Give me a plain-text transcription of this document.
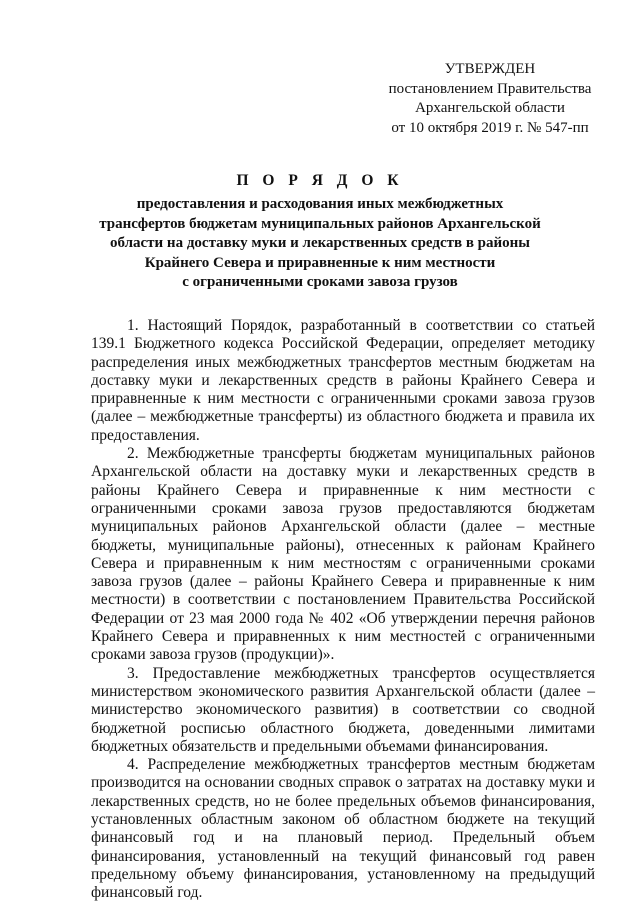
УТВЕРЖДЕН
постановлением Правительства
Архангельской области
от 10 октября 2019 г. № 547-пп
П О Р Я Д О К
предоставления и расходования иных межбюджетных
трансфертов бюджетам муниципальных районов Архангельской
области на доставку муки и лекарственных средств в районы
Крайнего Севера и приравненные к ним местности
с ограниченными сроками завоза грузов

1. Настоящий Порядок, разработанный в соответствии со статьей 139.1 Бюджетного кодекса Российской Федерации, определяет методику распределения иных межбюджетных трансфертов местным бюджетам на доставку муки и лекарственных средств в районы Крайнего Севера и приравненные к ним местности с ограниченными сроками завоза грузов (далее – межбюджетные трансферты) из областного бюджета и правила их предоставления.

2. Межбюджетные трансферты бюджетам муниципальных районов Архангельской области на доставку муки и лекарственных средств в районы Крайнего Севера и приравненные к ним местности с ограниченными сроками завоза грузов предоставляются бюджетам муниципальных районов Архангельской области (далее – местные бюджеты, муниципальные районы), отнесенных к районам Крайнего Севера и приравненным к ним местностям с ограниченными сроками завоза грузов (далее – районы Крайнего Севера и приравненные к ним местности) в соответствии с постановлением Правительства Российской Федерации от 23 мая 2000 года № 402 «Об утверждении перечня районов Крайнего Севера и приравненных к ним местностей с ограниченными сроками завоза грузов (продукции)».

3. Предоставление межбюджетных трансфертов осуществляется министерством экономического развития Архангельской области (далее – министерство экономического развития) в соответствии со сводной бюджетной росписью областного бюджета, доведенными лимитами бюджетных обязательств и предельными объемами финансирования.

4. Распределение межбюджетных трансфертов местным бюджетам производится на основании сводных справок о затратах на доставку муки и лекарственных средств, но не более предельных объемов финансирования, установленных областным законом об областном бюджете на текущий финансовый год и на плановый период. Предельный объем финансирования, установленный на текущий финансовый год равен предельному объему финансирования, установленному на предыдущий финансовый год.
